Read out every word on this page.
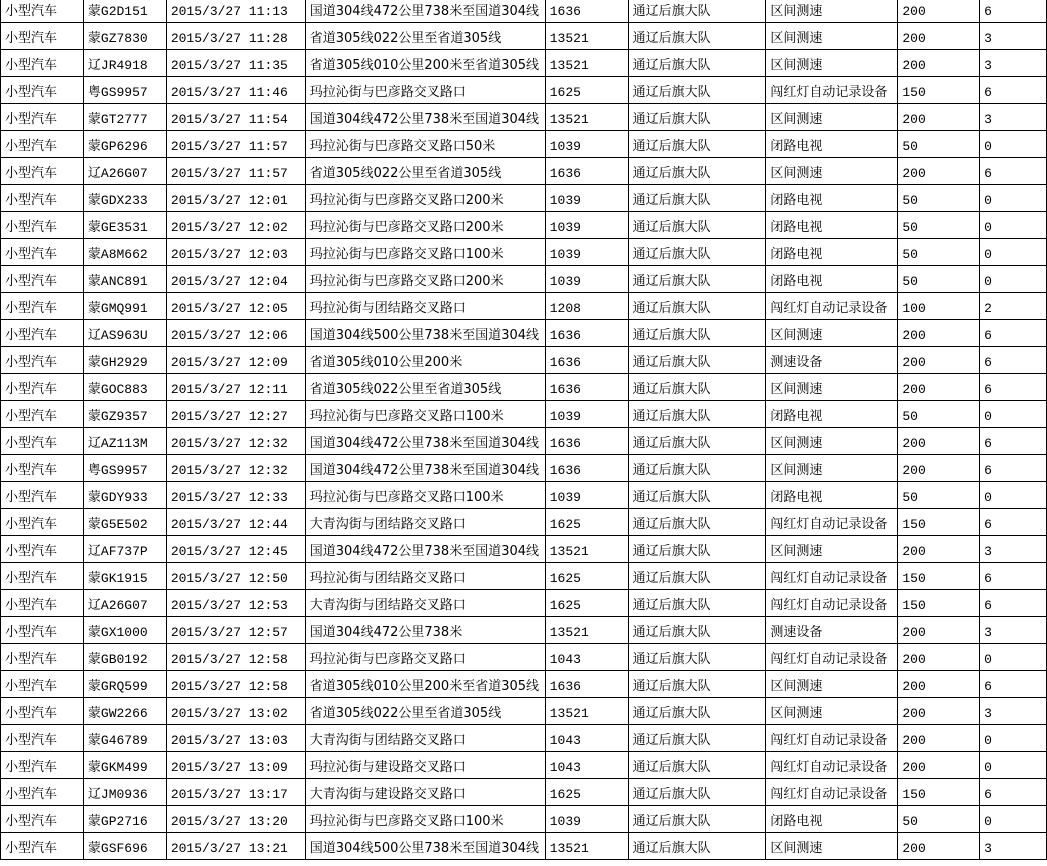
小型汽车	蒙G2D151	2015/3/27 11:13	国道304线472公里738米至国道304线	1636	通辽后旗大队	区间测速	200	6
小型汽车	蒙GZ7830	2015/3/27 11:28	省道305线022公里至省道305线	13521	通辽后旗大队	区间测速	200	3
小型汽车	辽JR4918	2015/3/27 11:35	省道305线010公里200米至省道305线	13521	通辽后旗大队	区间测速	200	3
小型汽车	粤GS9957	2015/3/27 11:46	玛拉沁街与巴彦路交叉路口	1625	通辽后旗大队	闯红灯自动记录设备	150	6
小型汽车	蒙GT2777	2015/3/27 11:54	国道304线472公里738米至国道304线	13521	通辽后旗大队	区间测速	200	3
小型汽车	蒙GP6296	2015/3/27 11:57	玛拉沁街与巴彦路交叉路口50米	1039	通辽后旗大队	闭路电视	50	0
小型汽车	辽A26G07	2015/3/27 11:57	省道305线022公里至省道305线	1636	通辽后旗大队	区间测速	200	6
小型汽车	蒙GDX233	2015/3/27 12:01	玛拉沁街与巴彦路交叉路口200米	1039	通辽后旗大队	闭路电视	50	0
小型汽车	蒙GE3531	2015/3/27 12:02	玛拉沁街与巴彦路交叉路口200米	1039	通辽后旗大队	闭路电视	50	0
小型汽车	蒙A8M662	2015/3/27 12:03	玛拉沁街与巴彦路交叉路口100米	1039	通辽后旗大队	闭路电视	50	0
小型汽车	蒙ANC891	2015/3/27 12:04	玛拉沁街与巴彦路交叉路口200米	1039	通辽后旗大队	闭路电视	50	0
小型汽车	蒙GMQ991	2015/3/27 12:05	玛拉沁街与团结路交叉路口	1208	通辽后旗大队	闯红灯自动记录设备	100	2
小型汽车	辽AS963U	2015/3/27 12:06	国道304线500公里738米至国道304线	1636	通辽后旗大队	区间测速	200	6
小型汽车	蒙GH2929	2015/3/27 12:09	省道305线010公里200米	1636	通辽后旗大队	测速设备	200	6
小型汽车	蒙GOC883	2015/3/27 12:11	省道305线022公里至省道305线	1636	通辽后旗大队	区间测速	200	6
小型汽车	蒙GZ9357	2015/3/27 12:27	玛拉沁街与巴彦路交叉路口100米	1039	通辽后旗大队	闭路电视	50	0
小型汽车	辽AZ113M	2015/3/27 12:32	国道304线472公里738米至国道304线	1636	通辽后旗大队	区间测速	200	6
小型汽车	粤GS9957	2015/3/27 12:32	国道304线472公里738米至国道304线	1636	通辽后旗大队	区间测速	200	6
小型汽车	蒙GDY933	2015/3/27 12:33	玛拉沁街与巴彦路交叉路口100米	1039	通辽后旗大队	闭路电视	50	0
小型汽车	蒙G5E502	2015/3/27 12:44	大青沟街与团结路交叉路口	1625	通辽后旗大队	闯红灯自动记录设备	150	6
小型汽车	辽AF737P	2015/3/27 12:45	国道304线472公里738米至国道304线	13521	通辽后旗大队	区间测速	200	3
小型汽车	蒙GK1915	2015/3/27 12:50	玛拉沁街与团结路交叉路口	1625	通辽后旗大队	闯红灯自动记录设备	150	6
小型汽车	辽A26G07	2015/3/27 12:53	大青沟街与团结路交叉路口	1625	通辽后旗大队	闯红灯自动记录设备	150	6
小型汽车	蒙GX1000	2015/3/27 12:57	国道304线472公里738米	13521	通辽后旗大队	测速设备	200	3
小型汽车	蒙GB0192	2015/3/27 12:58	玛拉沁街与巴彦路交叉路口	1043	通辽后旗大队	闯红灯自动记录设备	200	0
小型汽车	蒙GRQ599	2015/3/27 12:58	省道305线010公里200米至省道305线	1636	通辽后旗大队	区间测速	200	6
小型汽车	蒙GW2266	2015/3/27 13:02	省道305线022公里至省道305线	13521	通辽后旗大队	区间测速	200	3
小型汽车	蒙G46789	2015/3/27 13:03	大青沟街与团结路交叉路口	1043	通辽后旗大队	闯红灯自动记录设备	200	0
小型汽车	蒙GKM499	2015/3/27 13:09	玛拉沁街与建设路交叉路口	1043	通辽后旗大队	闯红灯自动记录设备	200	0
小型汽车	辽JM0936	2015/3/27 13:17	大青沟街与建设路交叉路口	1625	通辽后旗大队	闯红灯自动记录设备	150	6
小型汽车	蒙GP2716	2015/3/27 13:20	玛拉沁街与巴彦路交叉路口100米	1039	通辽后旗大队	闭路电视	50	0
小型汽车	蒙GSF696	2015/3/27 13:21	国道304线500公里738米至国道304线	13521	通辽后旗大队	区间测速	200	3
